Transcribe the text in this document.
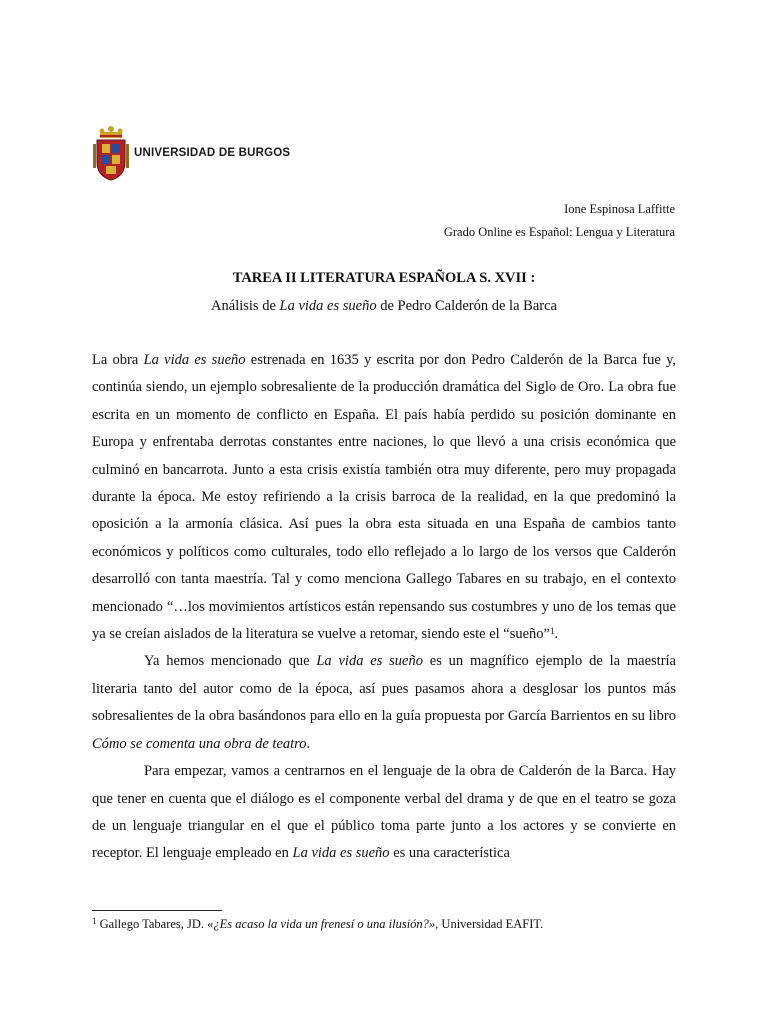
UNIVERSIDAD DE BURGOS
Ione Espinosa Laffitte
Grado Online es Español: Lengua y Literatura
TAREA II LITERATURA ESPAÑOLA S. XVII :
Análisis de La vida es sueño de Pedro Calderón de la Barca

La obra La vida es sueño estrenada en 1635 y escrita por don Pedro Calderón de la Barca fue y, continúa siendo, un ejemplo sobresaliente de la producción dramática del Siglo de Oro. La obra fue escrita en un momento de conflicto en España. El país había perdido su posición dominante en Europa y enfrentaba derrotas constantes entre naciones, lo que llevó a una crisis económica que culminó en bancarrota. Junto a esta crisis existía también otra muy diferente, pero muy propagada durante la época. Me estoy refiriendo a la crisis barroca de la realidad, en la que predominó la oposición a la armonía clásica. Así pues la obra esta situada en una España de cambios tanto económicos y políticos como culturales, todo ello reflejado a lo largo de los versos que Calderón desarrolló con tanta maestría. Tal y como menciona Gallego Tabares en su trabajo, en el contexto mencionado “…los movimientos artísticos están repensando sus costumbres y uno de los temas que ya se creían aislados de la literatura se vuelve a retomar, siendo este el “sueño”$^1$.

Ya hemos mencionado que La vida es sueño es un magnífico ejemplo de la maestría literaria tanto del autor como de la época, así pues pasamos ahora a desglosar los puntos más sobresalientes de la obra basándonos para ello en la guía propuesta por García Barrientos en su libro Cómo se comenta una obra de teatro.

Para empezar, vamos a centrarnos en el lenguaje de la obra de Calderón de la Barca. Hay que tener en cuenta que el diálogo es el componente verbal del drama y de que en el teatro se goza de un lenguaje triangular en el que el público toma parte junto a los actores y se convierte en receptor. El lenguaje empleado en La vida es sueño es una característica

$^1$ Gallego Tabares, JD. «¿Es acaso la vida un frenesí o una ilusión?», Universidad EAFIT.
